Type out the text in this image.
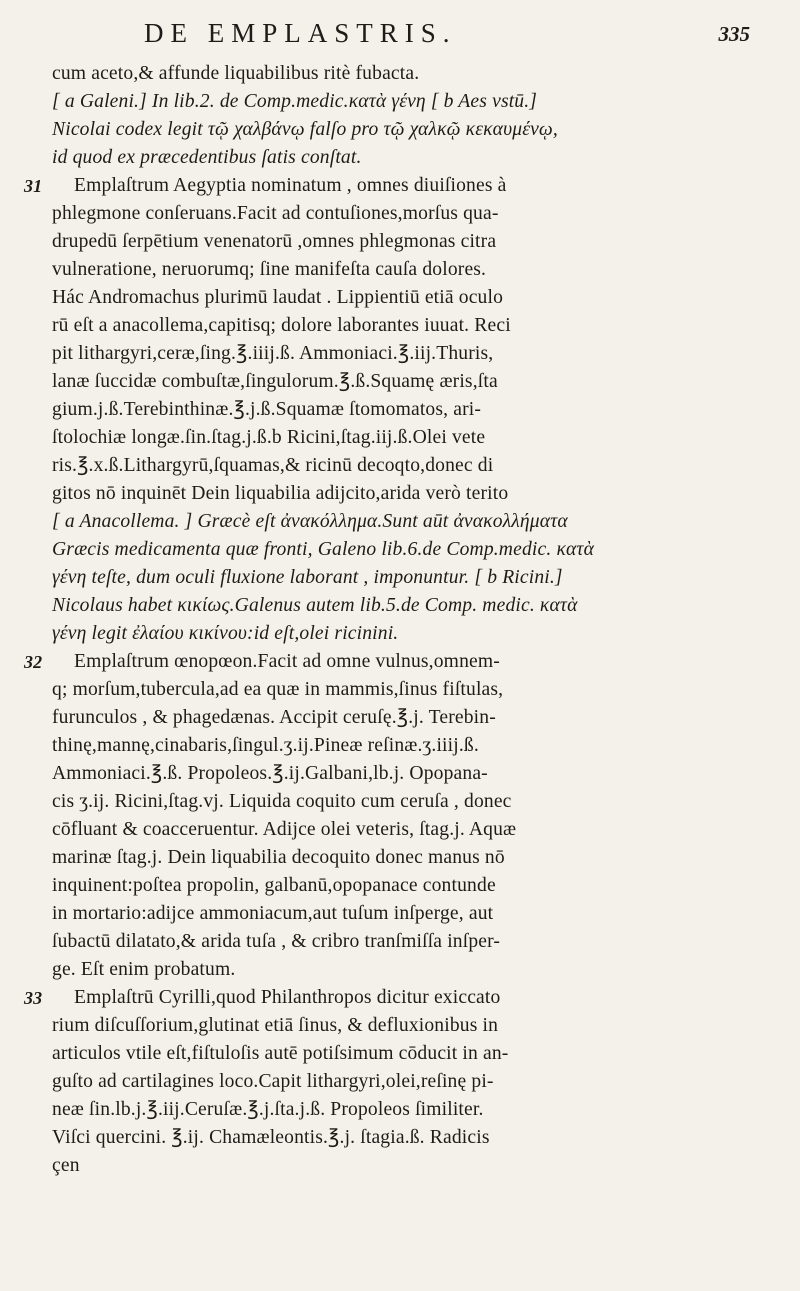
DE EMPLASTRIS.	335
cum aceto,& affunde liquabilibus ritè fubacta.
[ a Galeni.] In lib.2. de Comp.medic.κατὰ γένη [ b Aes vstū.]
Nicolai codex legit τῷ χαλβάνῳ falſo pro τῷ χαλκῷ κεκαυμένῳ,
id quod ex præcedentibus ſatis conſtat.
31 Emplaſtrum Aegyptia nominatum , omnes diuiſiones à
phlegmone conſeruans.Facit ad contuſiones,morſus qua-
drupedū ſerpētium venenatorū ,omnes phlegmonas citra
vulneratione, neruorumq; ſine manifeſta cauſa dolores.
Hác Andromachus plurimū laudat . Lippientiū etiā oculo
rū eſt a anacollema,capitisq; dolore laborantes iuuat. Reci
pit lithargyri,ceræ,ſing.℥.iiij.ß. Ammoniaci.℥.iij.Thuris,
lanæ ſuccidæ combuſtæ,ſingulorum.℥.ß.Squamę æris,ſta
gium.j.ß.Terebinthinæ.℥.j.ß.Squamæ ſtomomatos, ari-
ſtolochiæ longæ.ſin.ſtag.j.ß.b Ricini,ſtag.iij.ß.Olei vete
ris.℥.x.ß.Lithargyrū,ſquamas,& ricinū decoqto,donec di
gitos nō inquinēt Dein liquabilia adijcito,arida verò terito
[ a Anacollema. ] Græcè eſt ἀνακόλλημα.Sunt aūt ἀνακολλήματα
Græcis medicamenta quæ fronti, Galeno lib.6.de Comp.medic. κατὰ
γένη teſte, dum oculi fluxione laborant , imponuntur. [ b Ricini.]
Nicolaus habet κικίως.Galenus autem lib.5.de Comp. medic. κατὰ
γένη legit ἐλαίου κικίνου:id eſt,olei ricinini.
32 Emplaſtrum œnopœon.Facit ad omne vulnus,omnem-
q; morſum,tubercula,ad ea quæ in mammis,ſinus fiſtulas,
furunculos , & phagedænas. Accipit ceruſę.℥.j. Terebin-
thinę,mannę,cinabaris,ſingul.ʒ.ij.Pineæ reſinæ.ʒ.iiij.ß.
Ammoniaci.℥.ß. Propoleos.℥.ij.Galbani,lb.j. Opopana-
cis ʒ.ij. Ricini,ſtag.vj. Liquida coquito cum ceruſa , donec
cōfluant & coacceruentur. Adijce olei veteris, ſtag.j. Aquæ
marinæ ſtag.j. Dein liquabilia decoquito donec manus nō
inquinent:poſtea propolin, galbanū,opopanace contunde
in mortario:adijce ammoniacum,aut tuſum inſperge, aut
ſubactū dilatato,& arida tuſa , & cribro tranſmiſſa inſper-
ge. Eſt enim probatum.
33 Emplaſtrū Cyrilli,quod Philanthropos dicitur exiccato
rium diſcuſſorium,glutinat etiā ſinus, & defluxionibus in
articulos vtile eſt,fiſtuloſis autē potiſsimum cōducit in an-
guſto ad cartilagines loco.Capit lithargyri,olei,reſinę pi-
neæ ſin.lb.j.℥.iij.Ceruſæ.℥.j.ſta.j.ß. Propoleos ſimiliter.
Viſci quercini. ℥.ij. Chamæleontis.℥.j. ſtagia.ß. Radicis
çen
